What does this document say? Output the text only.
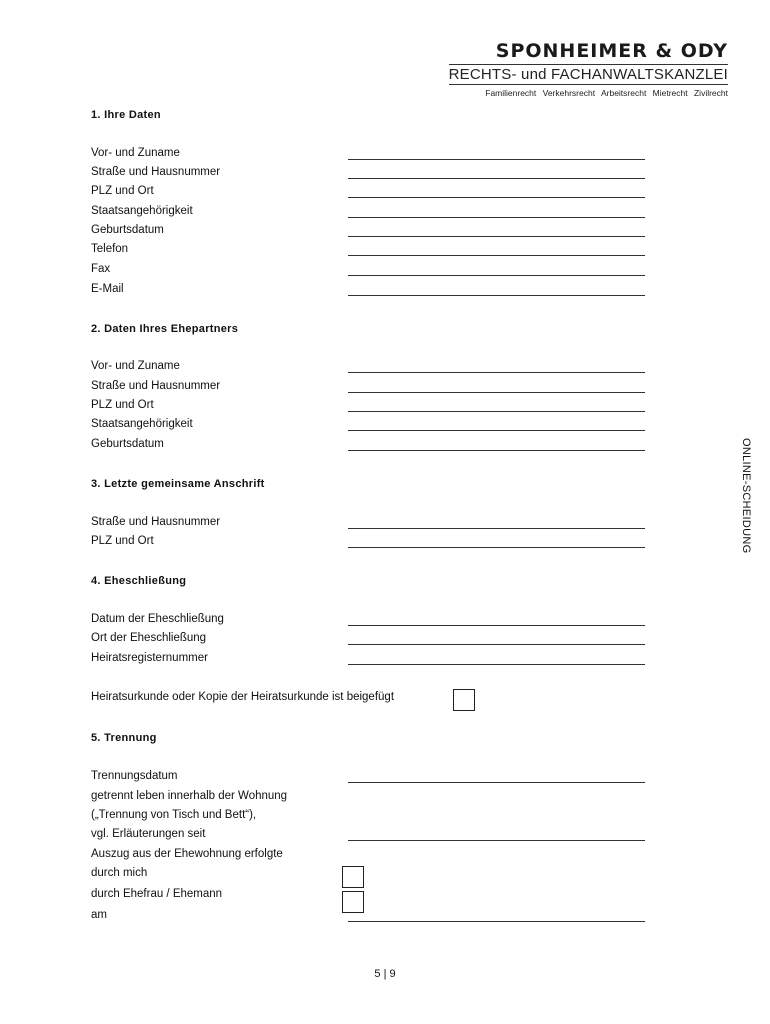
SPONHEIMER & ODY
RECHTS- und FACHANWALTSKANZLEI
Familienrecht Verkehrsrecht Arbeitsrecht Mietrecht Zivilrecht
ONLINE-SCHEIDUNG
1. Ihre Daten
Vor- und Zuname
Straße und Hausnummer
PLZ und Ort
Staatsangehörigkeit
Geburtsdatum
Telefon
Fax
E-Mail
2. Daten Ihres Ehepartners
Vor- und Zuname
Straße und Hausnummer
PLZ und Ort
Staatsangehörigkeit
Geburtsdatum
3. Letzte gemeinsame Anschrift
Straße und Hausnummer
PLZ und Ort
4. Eheschließung
Datum der Eheschließung
Ort der Eheschließung
Heiratsregisternummer
Heiratsurkunde oder Kopie der Heiratsurkunde ist beigefügt
5. Trennung
Trennungsdatum
getrennt leben innerhalb der Wohnung
(„Trennung von Tisch und Bett“),
vgl. Erläuterungen seit
Auszug aus der Ehewohnung erfolgte
durch mich
durch Ehefrau / Ehemann
am
5 | 9
